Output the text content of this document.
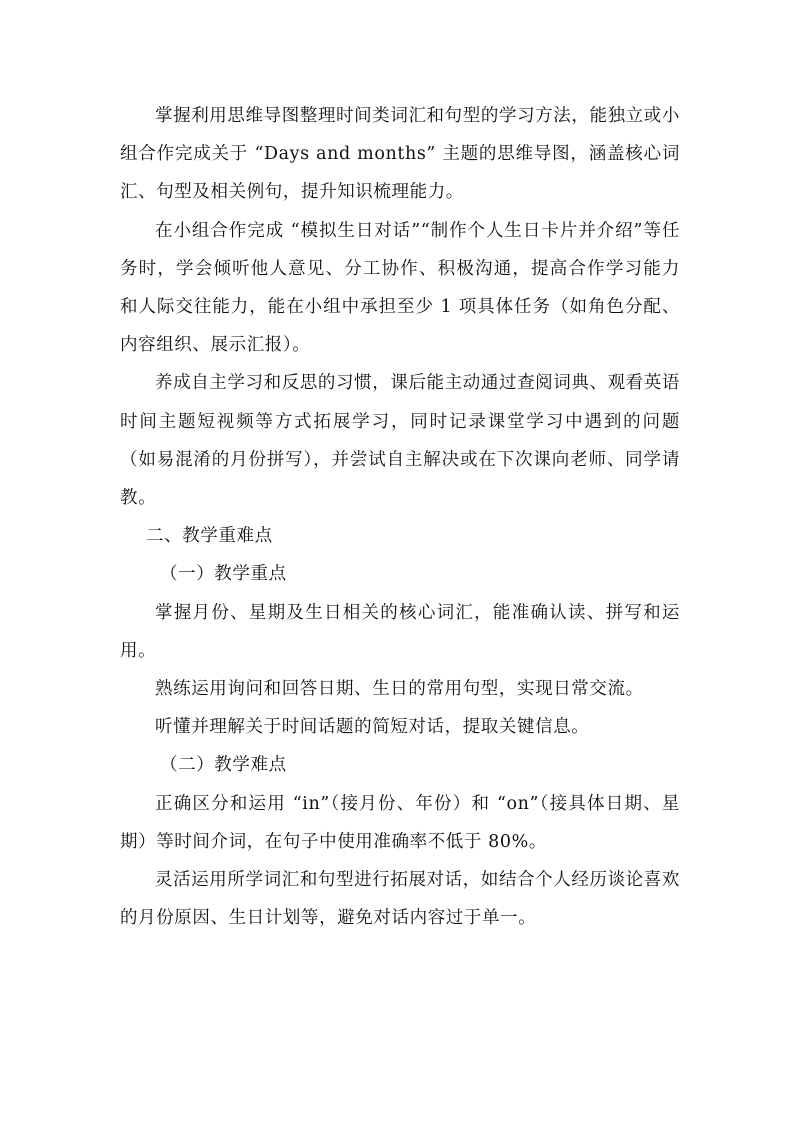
掌握利用思维导图整理时间类词汇和句型的学习方法，能独立或小组合作完成关于 “Days and months” 主题的思维导图，涵盖核心词汇、句型及相关例句，提升知识梳理能力。

在小组合作完成 “模拟生日对话”“制作个人生日卡片并介绍”等任务时，学会倾听他人意见、分工协作、积极沟通，提高合作学习能力和人际交往能力，能在小组中承担至少 1 项具体任务（如角色分配、内容组织、展示汇报）。

养成自主学习和反思的习惯，课后能主动通过查阅词典、观看英语时间主题短视频等方式拓展学习，同时记录课堂学习中遇到的问题（如易混淆的月份拼写），并尝试自主解决或在下次课向老师、同学请教。

二、教学重难点

（一）教学重点

掌握月份、星期及生日相关的核心词汇，能准确认读、拼写和运用。

熟练运用询问和回答日期、生日的常用句型，实现日常交流。

听懂并理解关于时间话题的简短对话，提取关键信息。

（二）教学难点

正确区分和运用 “in”（接月份、年份）和 “on”（接具体日期、星期）等时间介词，在句子中使用准确率不低于 80%。

灵活运用所学词汇和句型进行拓展对话，如结合个人经历谈论喜欢的月份原因、生日计划等，避免对话内容过于单一。
